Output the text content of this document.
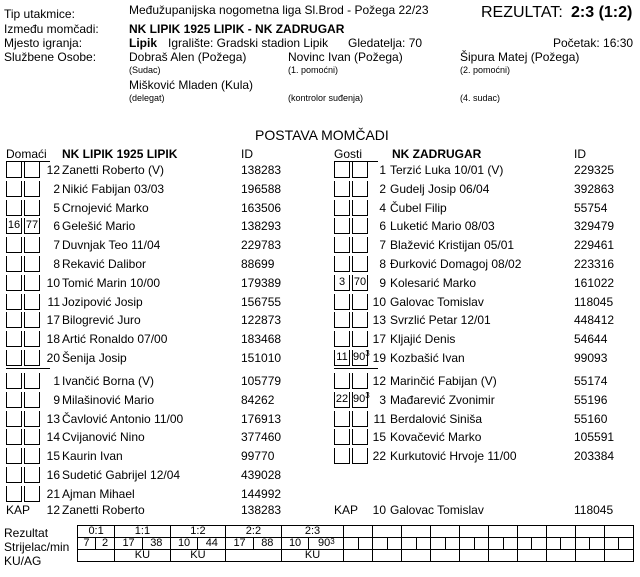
Tip utakmice:	Međužupanijska nogometna liga Sl.Brod - Požega 22/23	REZULTAT: 2:3 (1:2)
Između momčadi:	NK LIPIK 1925 LIPIK - NK ZADRUGAR
Mjesto igranja:	Lipik Igralište: Gradski stadion Lipik Gledatelja: 70	Početak: 16:30
Službene Osobe:	Dobraš Alen (Požega)
(Sudac)
Novinc Ivan (Požega)
(1. pomoćni)
Šipura Matej (Požega)
(2. pomoćni)
Mišković Mladen (Kula)
(delegat)	(kontrolor suđenja)	(4. sudac)
POSTAVA MOMČADI
Domaći NK LIPIK 1925 LIPIK	ID	Gosti NK ZADRUGAR	ID
12 Zanetti Roberto (V)	138283
2 Nikić Fabijan 03/03	196588
5 Crnojević Marko	163506
16 77	6 Gelešić Mario	138293
7 Duvnjak Teo 11/04	229783
8 Rekavić Dalibor	88699
10 Tomić Marin 10/00	179389
11 Jozipović Josip	156755
17 Bilogrević Juro	122873
18 Artić Ronaldo 07/00	183468
20 Šenija Josip	151010
1 Terzić Luka 10/01 (V)	229325
2 Gudelj Josip 06/04	392863
4 Čubel Filip	55754
6 Luketić Mario 08/03	329479
7 Blažević Kristijan 05/01	229461
8 Đurković Domagoj 08/02	223316
3 70	9 Kolesarić Marko	161022
10 Galovac Tomislav	118045
13 Svrzlić Petar 12/01	448412
17 Kljajić Denis	54644
11 $90^3$ 19 Kozbašić Ivan	99093
1 Ivančić Borna (V)	105779
9 Milašinović Mario	84262
13 Čavlović Antonio 11/00	176913
14 Cvijanović Nino	377460
15 Kaurin Ivan	99770
16 Sudetić Gabrijel 12/04	439028
21 Ajman Mihael	144992
12 Marinčić Fabijan (V)	55174
22 $90^3$ 3 Mađarević Zvonimir	55196
11 Berdalović Siniša	55160
15 Kovačević Marko	105591
22 Kurkutović Hrvoje 11/00	203384
KAP 12 Zanetti Roberto	138283	KAP	10 Galovac Tomislav	118045
Rezultat
Strijelac/min
KU/AG
0:1		1:1		1:2		2:2		2:3																					
7	2	17	38	10	44	17	88	10	$90^3$																				
		KU		KU				KU																					
